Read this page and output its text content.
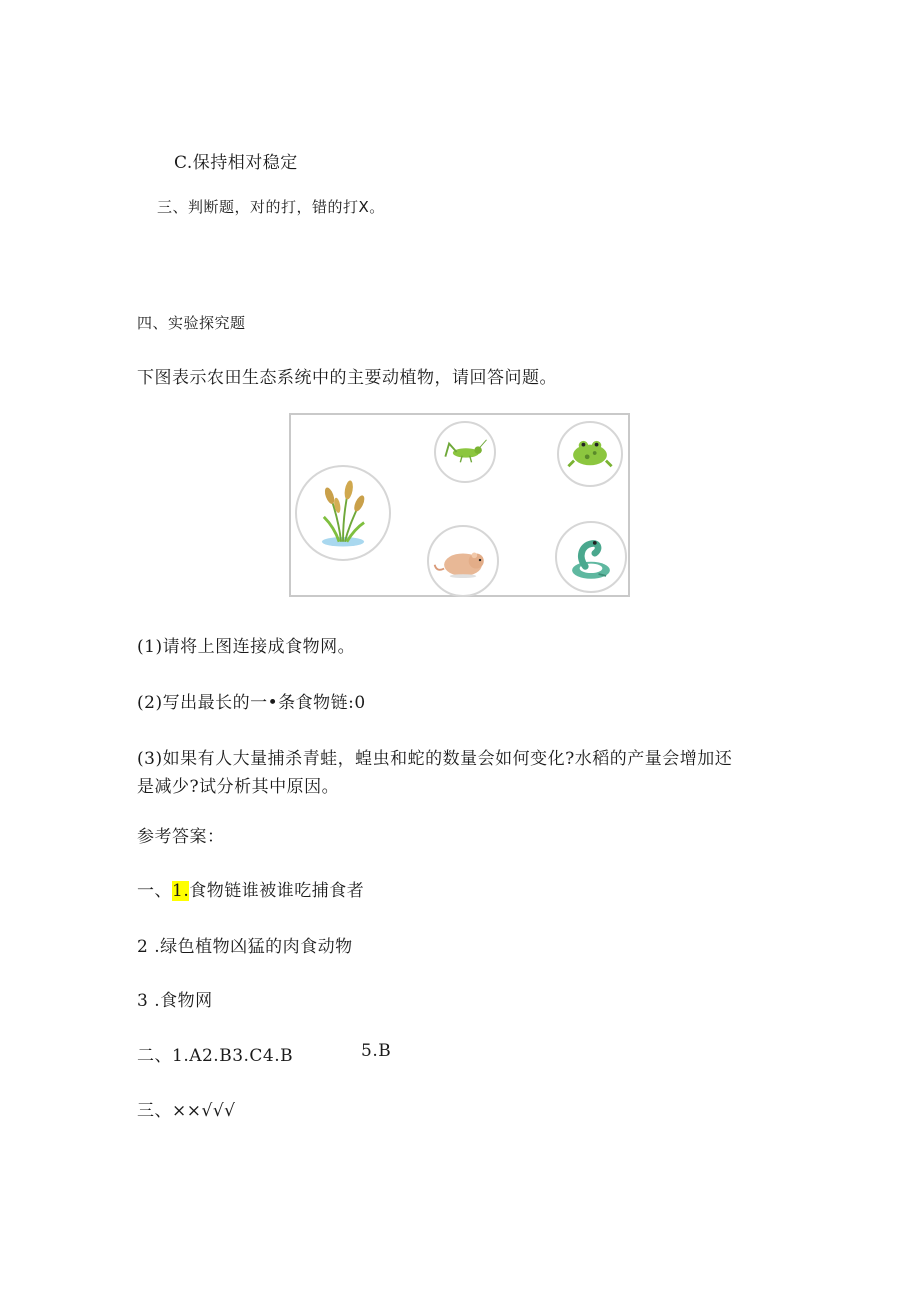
C.保持相对稳定
三、判断题，对的打，错的打X。
四、实验探究题
下图表示农田生态系统中的主要动植物，请回答问题。
(1)请将上图连接成食物网。
(2)写出最长的一•条食物链:0
(3)如果有人大量捕杀青蛙，蝗虫和蛇的数量会如何变化?水稻的产量会增加还
是减少?试分析其中原因。
参考答案：
一、1.食物链谁被谁吃捕食者
2 .绿色植物凶猛的肉食动物
3 .食物网
二、1.A2.B3.C4.B	5.B
三、××√√√
